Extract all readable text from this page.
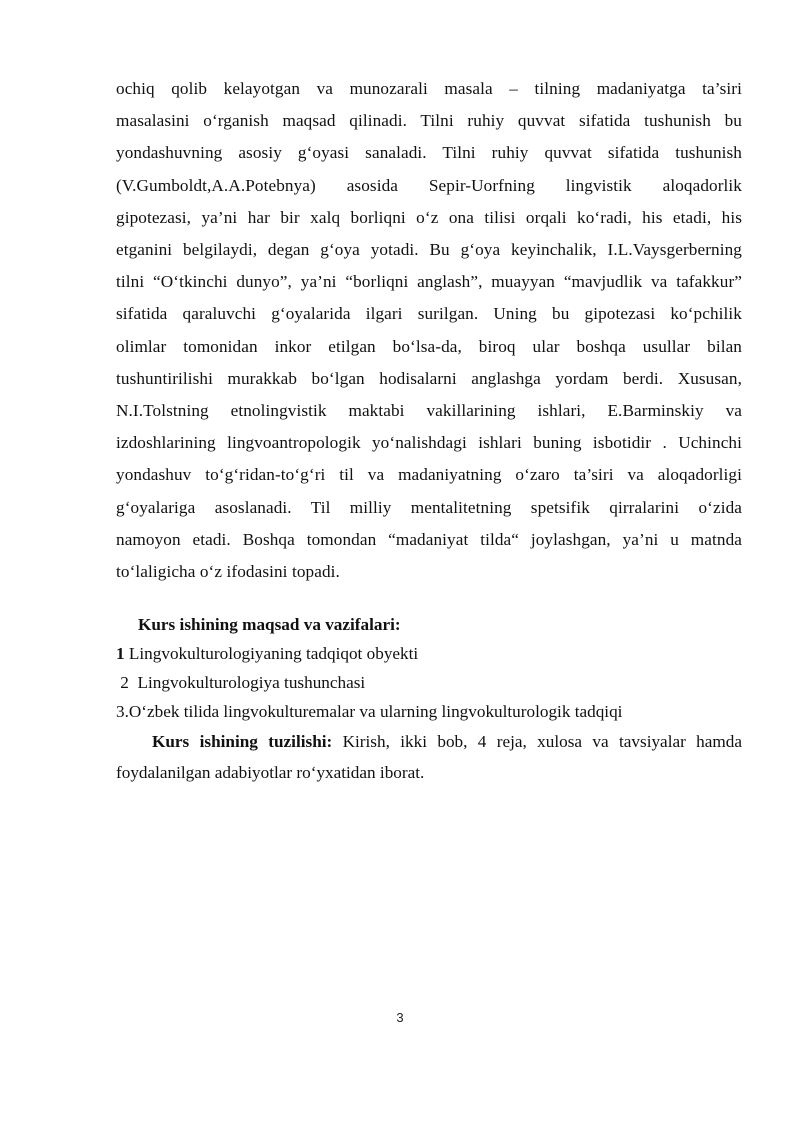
ochiq qolib kelayotgan va munozarali masala – tilning madaniyatga ta’siri
masalasini o‘rganish maqsad qilinadi. Tilni ruhiy quvvat sifatida tushunish bu
yondashuvning asosiy g‘oyasi sanaladi. Tilni ruhiy quvvat sifatida tushunish
(V.Gumboldt,A.A.Potebnya) asosida Sepir-Uorfning lingvistik aloqadorlik
gipotezasi, ya’ni har bir xalq borliqni o‘z ona tilisi orqali ko‘radi, his etadi, his
etganini belgilaydi, degan g‘oya yotadi. Bu g‘oya keyinchalik, I.L.Vaysgerberning
tilni “O‘tkinchi dunyo”, ya’ni “borliqni anglash”, muayyan “mavjudlik va tafakkur”
sifatida qaraluvchi g‘oyalarida ilgari surilgan. Uning bu gipotezasi ko‘pchilik
olimlar tomonidan inkor etilgan bo‘lsa-da, biroq ular boshqa usullar bilan
tushuntirilishi murakkab bo‘lgan hodisalarni anglashga yordam berdi. Xususan,
N.I.Tolstning etnolingvistik maktabi vakillarining ishlari, E.Barminskiy va
izdoshlarining lingvoantropologik yo‘nalishdagi ishlari buning isbotidir . Uchinchi
yondashuv to‘g‘ridan-to‘g‘ri til va madaniyatning o‘zaro ta’siri va aloqadorligi
g‘oyalariga asoslanadi. Til milliy mentalitetning spetsifik qirralarini o‘zida
namoyon etadi. Boshqa tomondan “madaniyat tilda“ joylashgan, ya’ni u matnda
to‘laligicha o‘z ifodasini topadi.

Kurs ishining maqsad va vazifalari:
1 Lingvokulturologiyaning tadqiqot obyekti
2  Lingvokulturologiya tushunchasi
3.O‘zbek tilida lingvokulturemalar va ularning lingvokulturologik tadqiqi

Kurs ishining tuzilishi: Kirish, ikki bob, 4 reja, xulosa va tavsiyalar hamda
foydalanilgan adabiyotlar ro‘yxatidan iborat.

3
